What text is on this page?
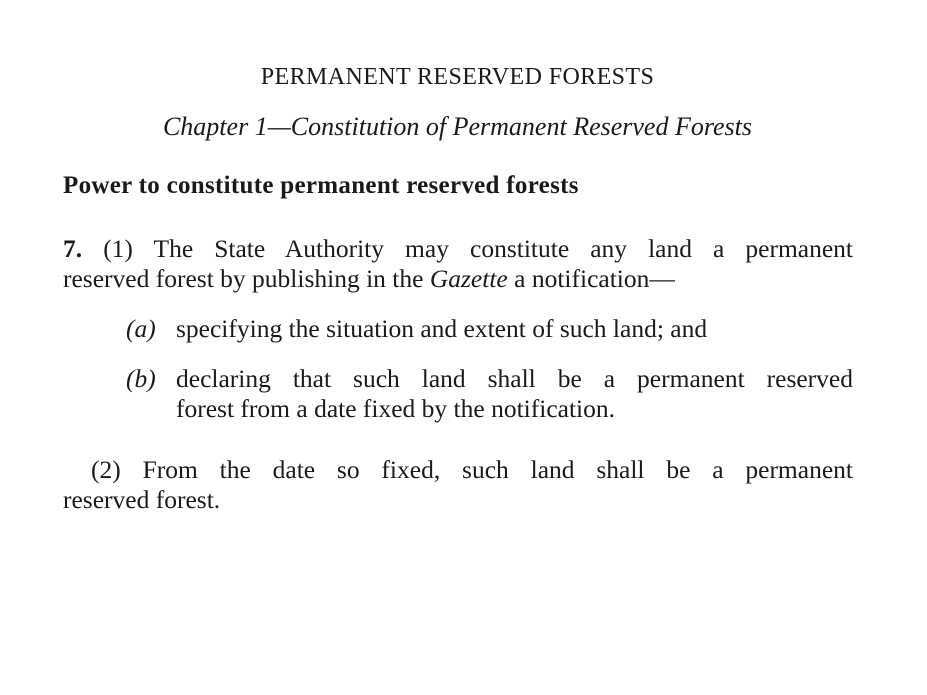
PERMANENT RESERVED FORESTS
Chapter 1—Constitution of Permanent Reserved Forests
Power to constitute permanent reserved forests

7. (1) The State Authority may constitute any land a permanent
reserved forest by publishing in the Gazette a notification—

(a) specifying the situation and extent of such land; and

(b) declaring that such land shall be a permanent reserved
forest from a date fixed by the notification.

(2) From the date so fixed, such land shall be a permanent
reserved forest.
